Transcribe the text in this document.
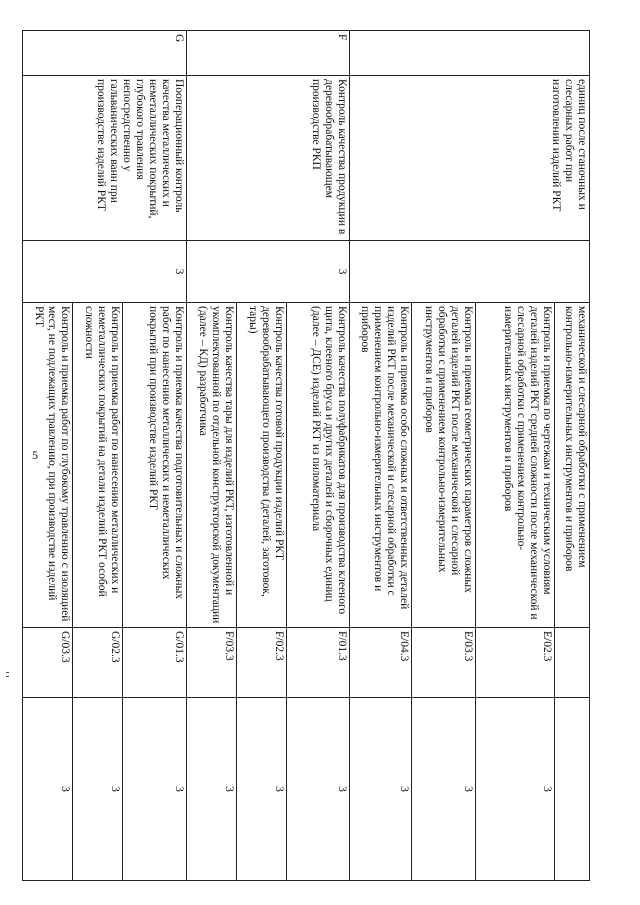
5
	единиц после станочных и слесарных работ при изготовлении изделий РКТ		механической и слесарной обработки с применением контрольно-измерительных инструментов и приборов		
			Контроль и приемка по чертежам и техническим условиям деталей изделий РКТ средней сложности после механической и слесарной обработки с применением контрольно-измерительных инструментов и приборов	E/02.3	3
			Контроль и приемка геометрических параметров сложных деталей изделий РКТ после механической и слесарной обработки с применением контрольно-измерительных инструментов и приборов	E/03.3	3
			Контроль и приемка особо сложных и ответственных деталей изделий РКТ после механической и слесарной обработки с применением контрольно-измерительных инструментов и приборов	E/04.3	3
F	Контроль качества продукции в деревообрабатывающем производстве РКП	3	Контроль качества полуфабрикатов для производства клееного щита, клееного бруса и других деталей и сборочных единиц (далее – ДСЕ) изделий РКТ из пиломатериала	F/01.3	3
			Контроль качества готовой продукции изделий РКТ деревообрабатывающего производства (деталей, заготовок, тары)	F/02.3	3
			Контроль качества тары для изделий РКТ, изготовленной и укомплектованной по отдельной конструкторской документации (далее – КД) разработчика	F/03.3	3
G	Пооперационный контроль качества металлических и неметаллических покрытий, глубокого травления непосредственно у гальванических ванн при производстве изделий РКТ	3	Контроль и приемка качества подготовительных и сложных работ по нанесению металлических и неметаллических покрытий при производстве изделий РКТ	G/01.3	3
			Контроль и приемка работ по нанесению металлических и неметаллических покрытий на детали изделий РКТ особой сложности	G/02.3	3
			Контроль и приемка работ по глубокому травлению с изоляцией мест, не подлежащих травлению, при производстве изделий РКТ	G/03.3	3
